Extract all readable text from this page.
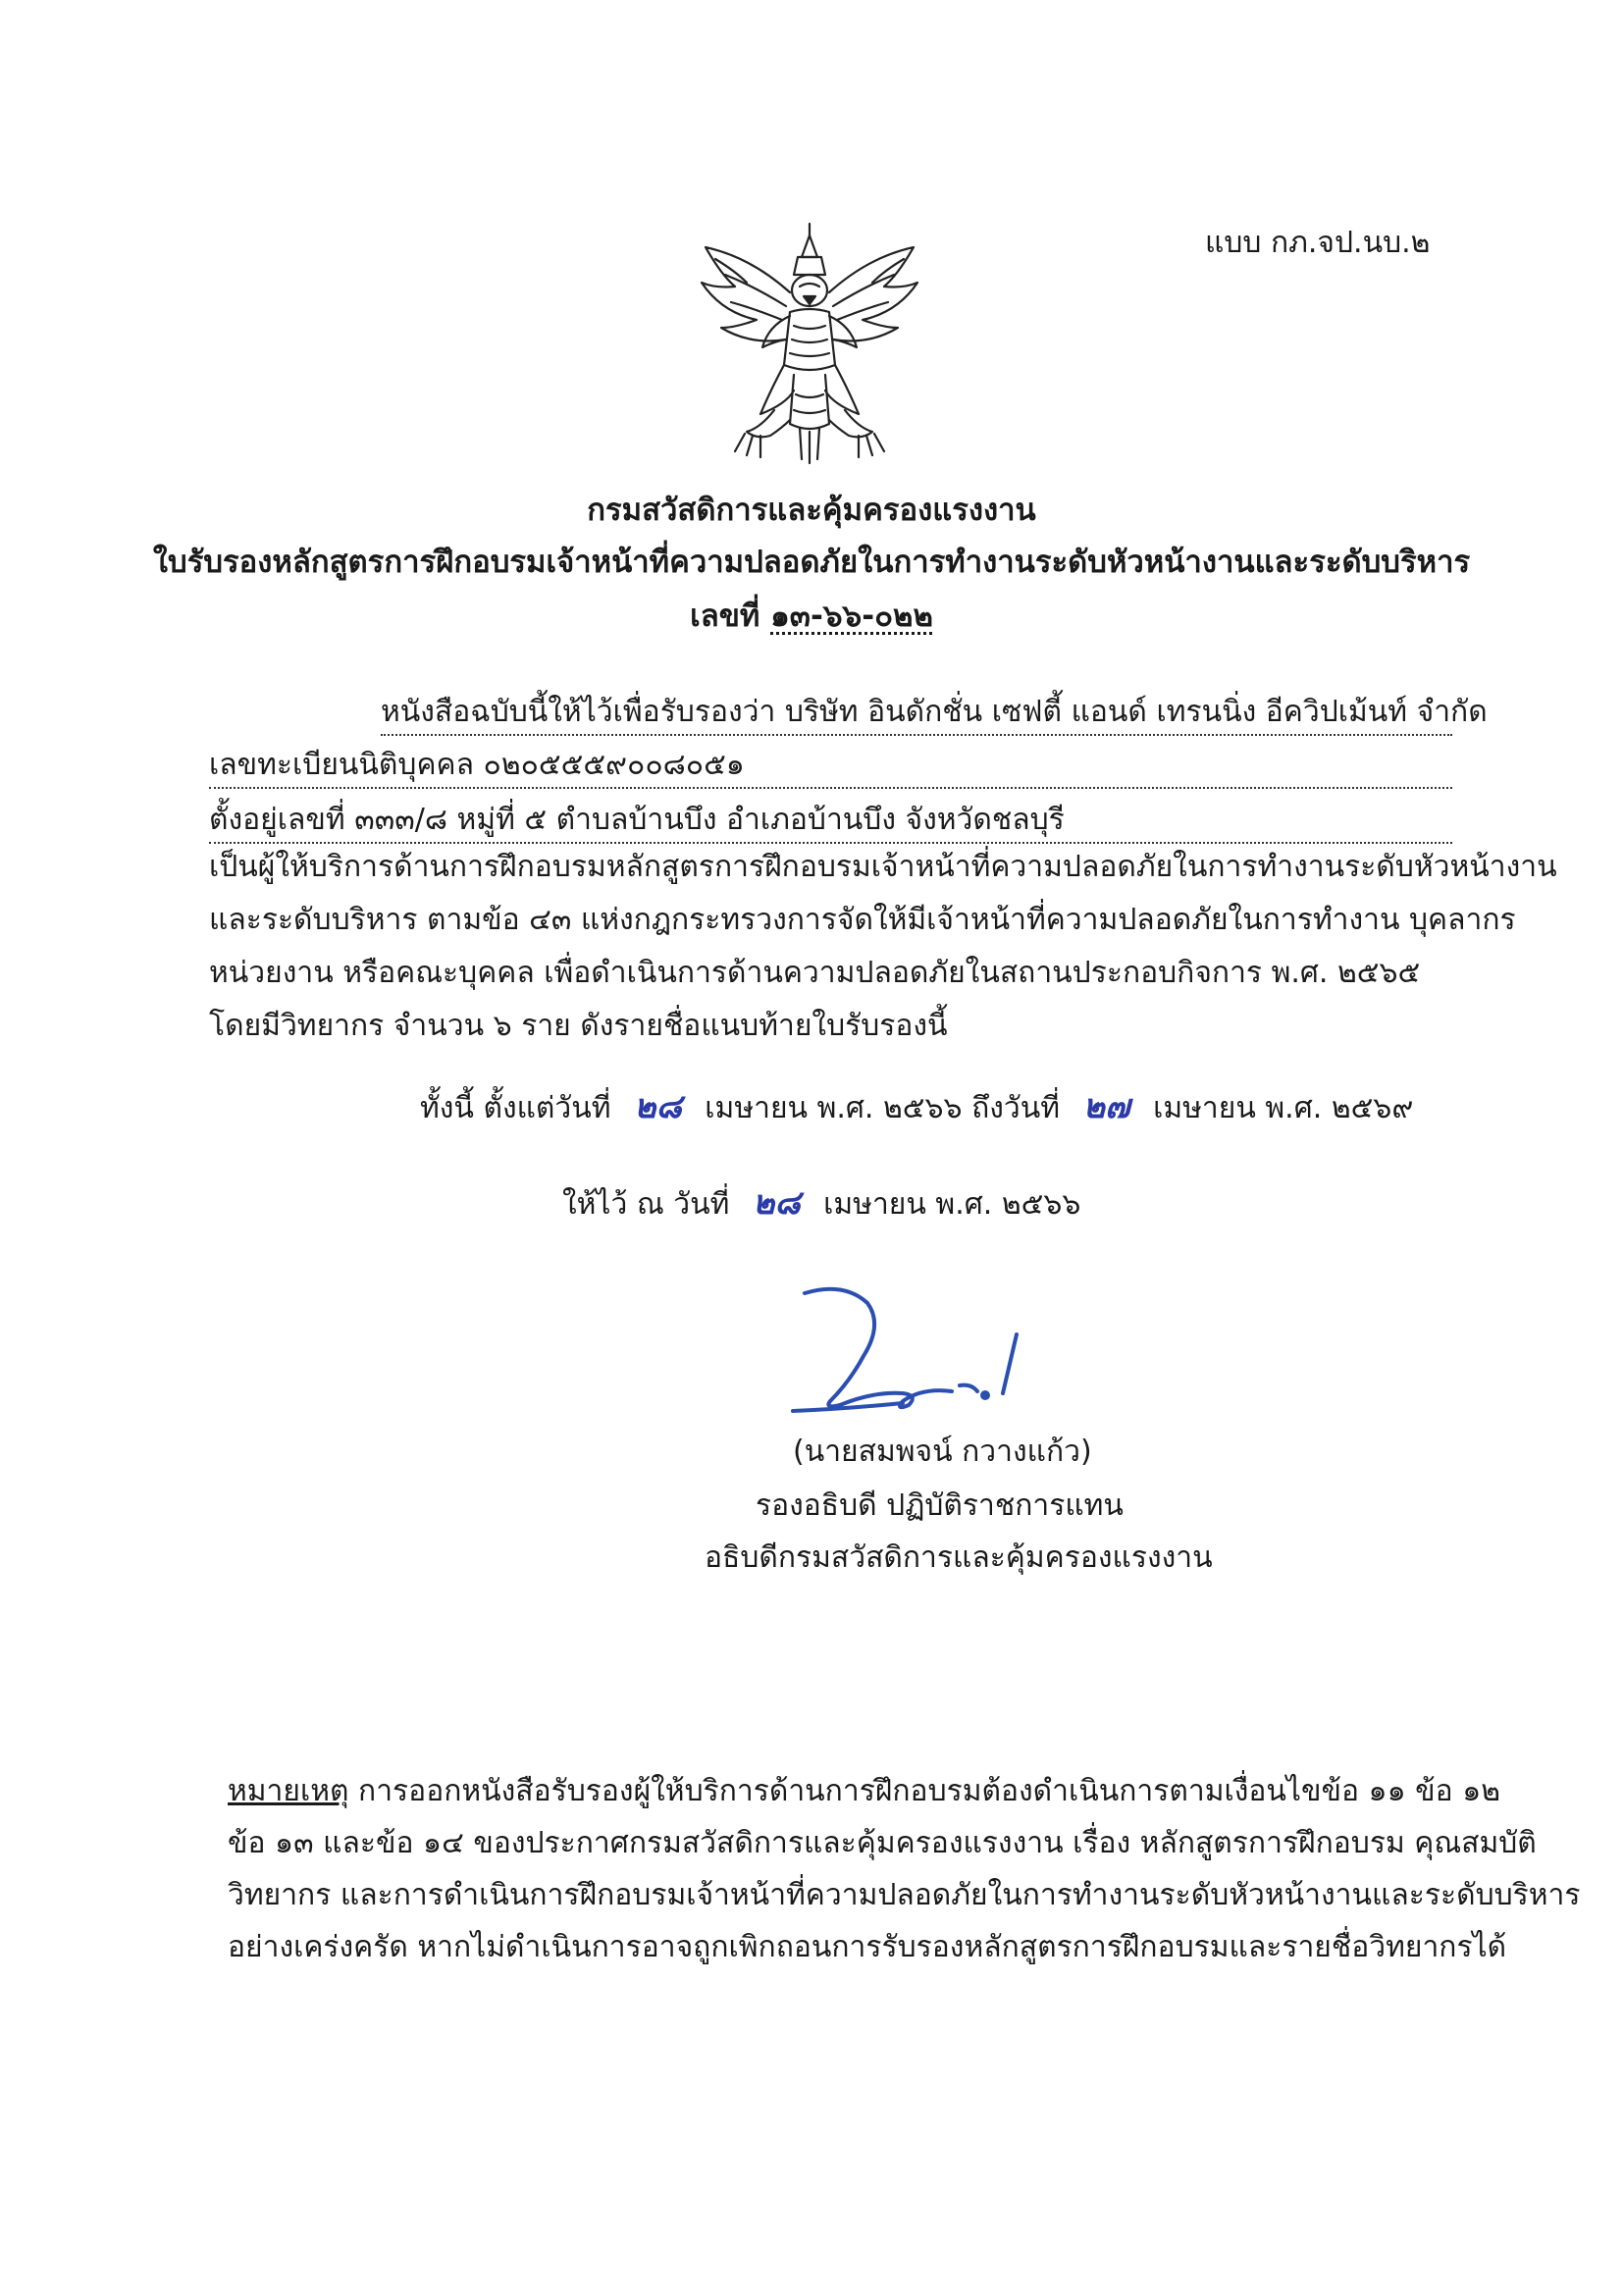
แบบ กภ.จป.นบ.๒
กรมสวัสดิการและคุ้มครองแรงงาน
ใบรับรองหลักสูตรการฝึกอบรมเจ้าหน้าที่ความปลอดภัยในการทำงานระดับหัวหน้างานและระดับบริหาร
เลขที่ ๑๓-๖๖-๐๒๒
หนังสือฉบับนี้ให้ไว้เพื่อรับรองว่า บริษัท อินดักชั่น เซฟตี้ แอนด์ เทรนนิ่ง อีควิปเม้นท์ จำกัด
เลขทะเบียนนิติบุคคล ๐๒๐๕๕๕๙๐๐๘๐๕๑
ตั้งอยู่เลขที่ ๓๓๓/๘ หมู่ที่ ๕ ตำบลบ้านบึง อำเภอบ้านบึง จังหวัดชลบุรี
เป็นผู้ให้บริการด้านการฝึกอบรมหลักสูตรการฝึกอบรมเจ้าหน้าที่ความปลอดภัยในการทำงานระดับหัวหน้างาน
และระดับบริหาร ตามข้อ ๔๓ แห่งกฎกระทรวงการจัดให้มีเจ้าหน้าที่ความปลอดภัยในการทำงาน บุคลากร
หน่วยงาน หรือคณะบุคคล เพื่อดำเนินการด้านความปลอดภัยในสถานประกอบกิจการ พ.ศ. ๒๕๖๕
โดยมีวิทยากร จำนวน ๖ ราย ดังรายชื่อแนบท้ายใบรับรองนี้
ทั้งนี้ ตั้งแต่วันที่ ๒๘ เมษายน พ.ศ. ๒๕๖๖ ถึงวันที่ ๒๗ เมษายน พ.ศ. ๒๕๖๙
ให้ไว้ ณ วันที่ ๒๘ เมษายน พ.ศ. ๒๕๖๖
(นายสมพจน์ กวางแก้ว)
รองอธิบดี ปฏิบัติราชการแทน
อธิบดีกรมสวัสดิการและคุ้มครองแรงงาน
หมายเหตุ การออกหนังสือรับรองผู้ให้บริการด้านการฝึกอบรมต้องดำเนินการตามเงื่อนไขข้อ ๑๑ ข้อ ๑๒
ข้อ ๑๓ และข้อ ๑๔ ของประกาศกรมสวัสดิการและคุ้มครองแรงงาน เรื่อง หลักสูตรการฝึกอบรม คุณสมบัติ
วิทยากร และการดำเนินการฝึกอบรมเจ้าหน้าที่ความปลอดภัยในการทำงานระดับหัวหน้างานและระดับบริหาร
อย่างเคร่งครัด หากไม่ดำเนินการอาจถูกเพิกถอนการรับรองหลักสูตรการฝึกอบรมและรายชื่อวิทยากรได้
